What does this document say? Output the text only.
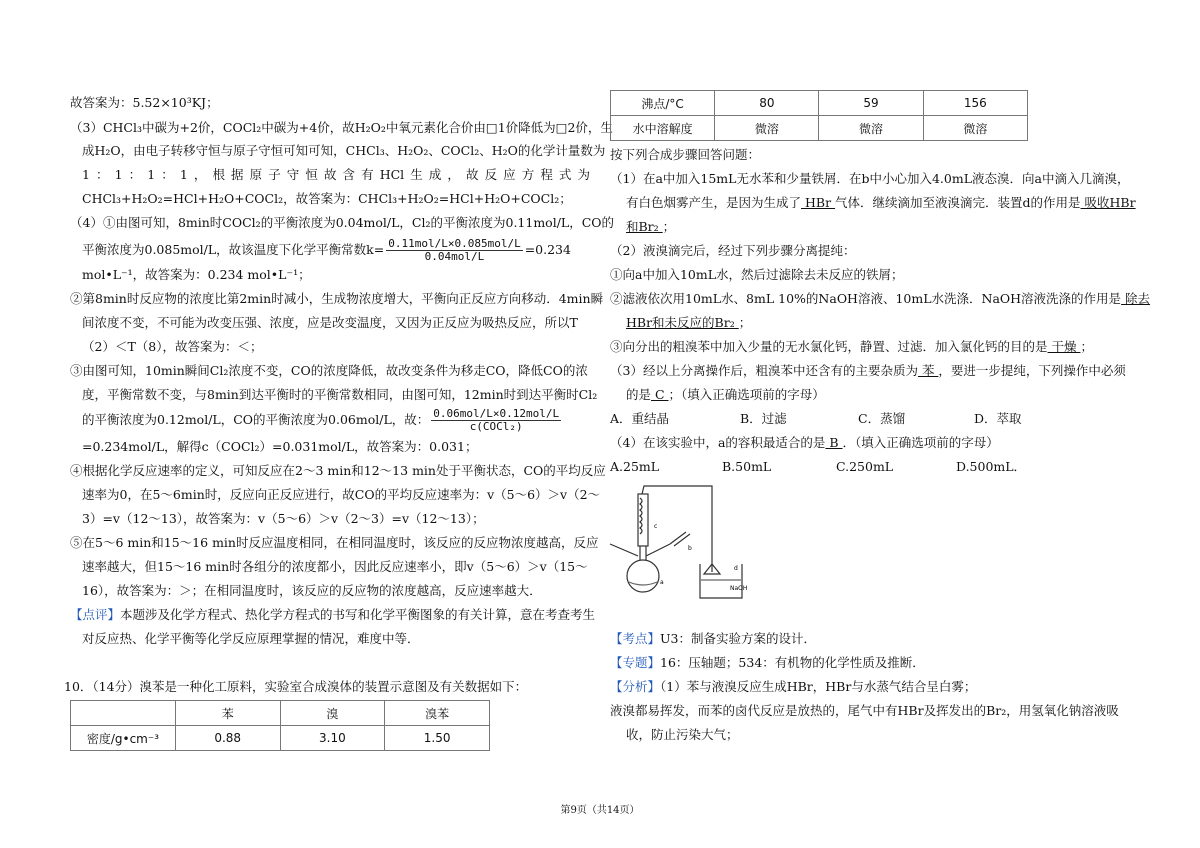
故答案为：5.52×10³KJ；
（3）CHCl₃中碳为+2价，COCl₂中碳为+4价，故H₂O₂中氧元素化合价由□1价降低为□2价，生
成H₂O，由电子转移守恒与原子守恒可知可知，CHCl₃、H₂O₂、COCl₂、H₂O的化学计量数为
1：1：1：1，根据原子守恒故含有HCl生成，故反应方程式为
CHCl₃+H₂O₂=HCl+H₂O+COCl₂，故答案为：CHCl₃+H₂O₂=HCl+H₂O+COCl₂；
（4）①由图可知，8min时COCl₂的平衡浓度为0.04mol/L，Cl₂的平衡浓度为0.11mol/L，CO的
平衡浓度为0.085mol/L，故该温度下化学平衡常数$k= \frac{\text{0.11mol/L×0.085mol/L}}{\text{0.04mol/L}} =0.234$
mol•L⁻¹，故答案为：0.234 mol•L⁻¹；
②第8min时反应物的浓度比第2min时减小，生成物浓度增大，平衡向正反应方向移动．4min瞬
间浓度不变，不可能为改变压强、浓度，应是改变温度，又因为正反应为吸热反应，所以T
（2）＜T（8），故答案为：＜；
③由图可知，10min瞬间Cl₂浓度不变，CO的浓度降低，故改变条件为移走CO，降低CO的浓
度，平衡常数不变，与8min到达平衡时的平衡常数相同，由图可知，12min时到达平衡时Cl₂
的平衡浓度为0.12mol/L，CO的平衡浓度为0.06mol/L，故： $\frac{\text{0.06mol/L×0.12mol/L}}{\text{c(COCl₂)}}$
=0.234mol/L，解得c（COCl₂）=0.031mol/L，故答案为：0.031；
④根据化学反应速率的定义，可知反应在2～3 min和12～13 min处于平衡状态，CO的平均反应
速率为0，在5～6min时，反应向正反应进行，故CO的平均反应速率为：v（5～6）＞v（2～
3）=v（12～13），故答案为：v（5～6）＞v（2～3）=v（12～13）；
⑤在5～6 min和15～16 min时反应温度相同，在相同温度时，该反应的反应物浓度越高，反应
速率越大，但15～16 min时各组分的浓度都小，因此反应速率小，即v（5～6）＞v（15～
16），故答案为：＞；在相同温度时，该反应的反应物的浓度越高，反应速率越大．
【点评】本题涉及化学方程式、热化学方程式的书写和化学平衡图象的有关计算，意在考查考生
对反应热、化学平衡等化学反应原理掌握的情况，难度中等．
10．（14分）溴苯是一种化工原料，实验室合成溴体的装置示意图及有关数据如下：
	苯	溴	溴苯
密度/g•cm⁻³	0.88	3.10	1.50
沸点/°C	80	59	156
水中溶解度	微溶	微溶	微溶
按下列合成步骤回答问题：
（1）在a中加入15mL无水苯和少量铁屑．在b中小心加入4.0mL液态溴．向a中滴入几滴溴，
有白色烟雾产生，是因为生成了 HBr 气体．继续滴加至液溴滴完．装置d的作用是 吸收HBr
和Br₂ ；
（2）液溴滴完后，经过下列步骤分离提纯：
①向a中加入10mL水，然后过滤除去未反应的铁屑；
②滤液依次用10mL水、8mL 10%的NaOH溶液、10mL水洗涤．NaOH溶液洗涤的作用是 除去
HBr和未反应的Br₂ ；
③向分出的粗溴苯中加入少量的无水氯化钙，静置、过滤．加入氯化钙的目的是 干燥 ；
（3）经以上分离操作后，粗溴苯中还含有的主要杂质为 苯 ，要进一步提纯，下列操作中必须
的是 C ；（填入正确选项前的字母）
A．重结晶	B．过滤	C．蒸馏	D．萃取
（4）在该实验中，a的容积最适合的是 B ．（填入正确选项前的字母）
A.25mL	B.50mL	C.250mL	D.500mL．
【考点】U3：制备实验方案的设计．
【专题】16：压轴题；534：有机物的化学性质及推断．
【分析】（1）苯与液溴反应生成HBr，HBr与水蒸气结合呈白雾；
液溴都易挥发，而苯的卤代反应是放热的，尾气中有HBr及挥发出的Br₂，用氢氧化钠溶液吸
收，防止污染大气；
c
b
a
d
NaOH
第9页（共14页）
